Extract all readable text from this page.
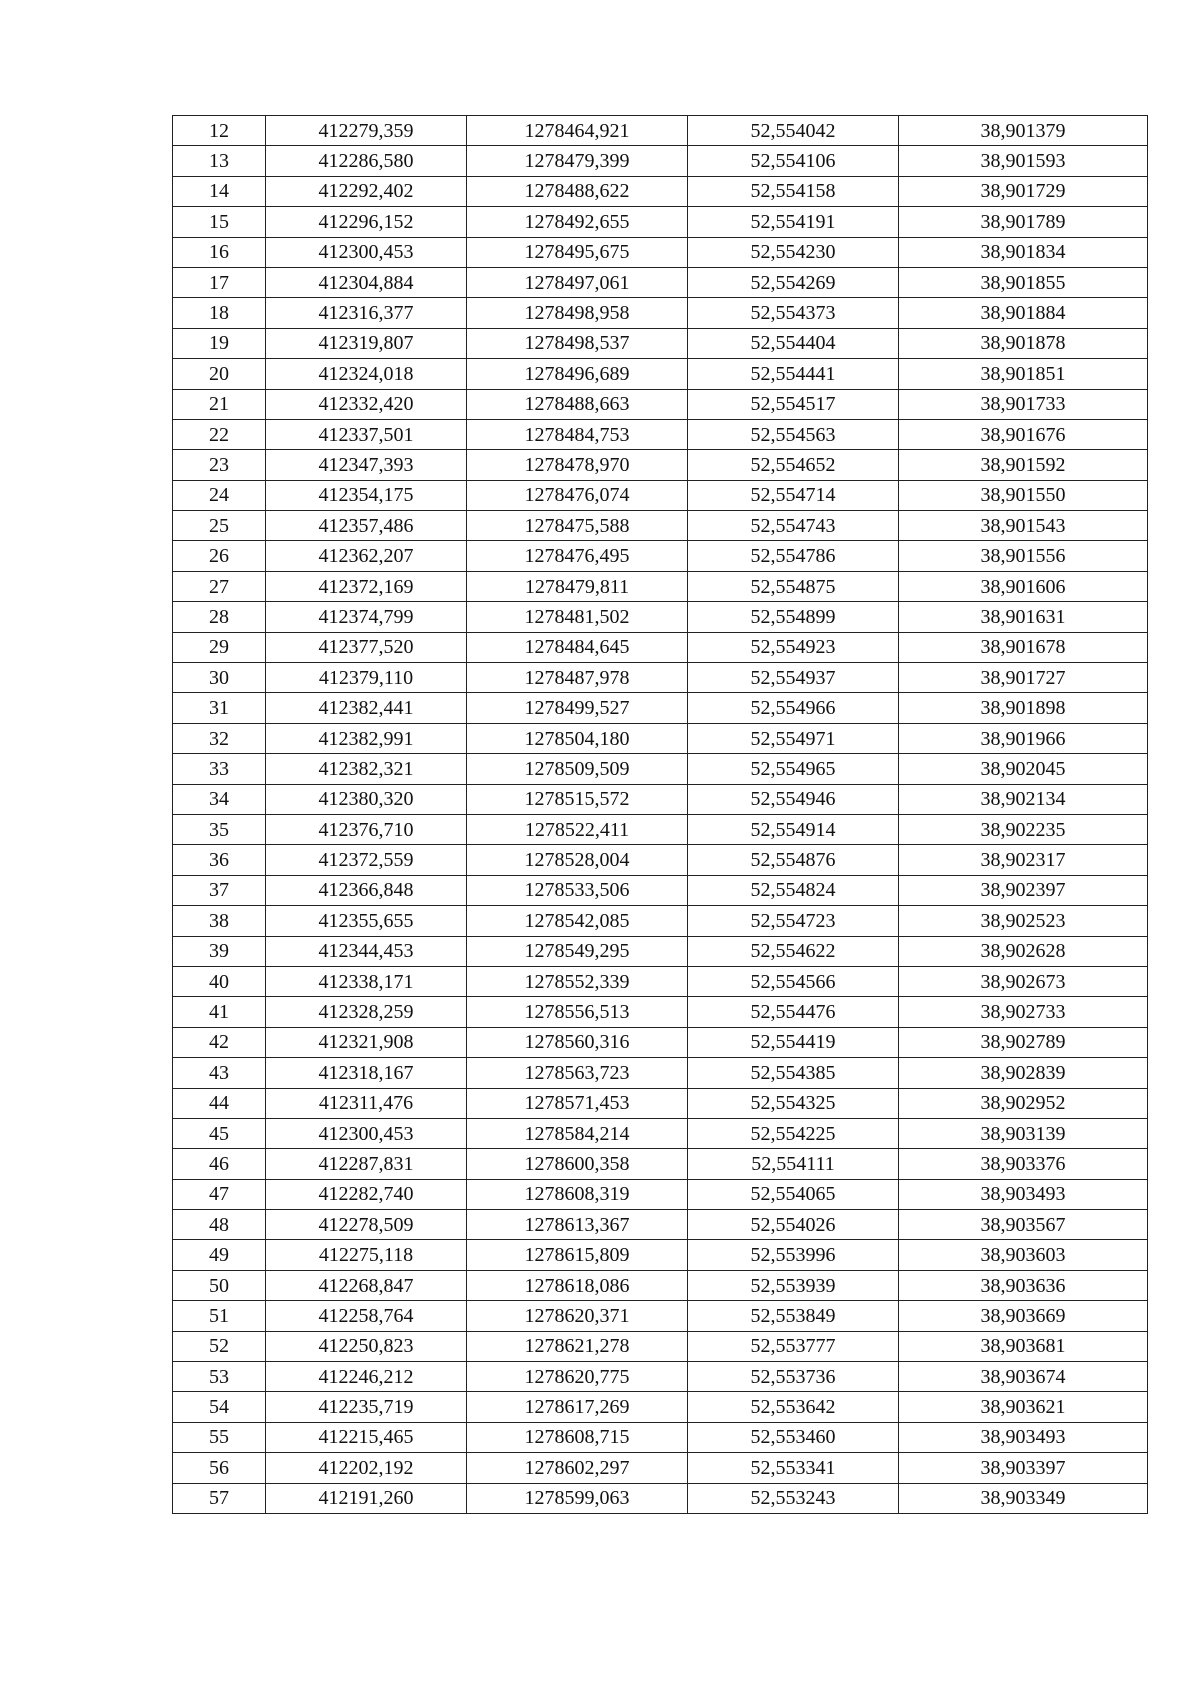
12	412279,359	1278464,921	52,554042	38,901379
13	412286,580	1278479,399	52,554106	38,901593
14	412292,402	1278488,622	52,554158	38,901729
15	412296,152	1278492,655	52,554191	38,901789
16	412300,453	1278495,675	52,554230	38,901834
17	412304,884	1278497,061	52,554269	38,901855
18	412316,377	1278498,958	52,554373	38,901884
19	412319,807	1278498,537	52,554404	38,901878
20	412324,018	1278496,689	52,554441	38,901851
21	412332,420	1278488,663	52,554517	38,901733
22	412337,501	1278484,753	52,554563	38,901676
23	412347,393	1278478,970	52,554652	38,901592
24	412354,175	1278476,074	52,554714	38,901550
25	412357,486	1278475,588	52,554743	38,901543
26	412362,207	1278476,495	52,554786	38,901556
27	412372,169	1278479,811	52,554875	38,901606
28	412374,799	1278481,502	52,554899	38,901631
29	412377,520	1278484,645	52,554923	38,901678
30	412379,110	1278487,978	52,554937	38,901727
31	412382,441	1278499,527	52,554966	38,901898
32	412382,991	1278504,180	52,554971	38,901966
33	412382,321	1278509,509	52,554965	38,902045
34	412380,320	1278515,572	52,554946	38,902134
35	412376,710	1278522,411	52,554914	38,902235
36	412372,559	1278528,004	52,554876	38,902317
37	412366,848	1278533,506	52,554824	38,902397
38	412355,655	1278542,085	52,554723	38,902523
39	412344,453	1278549,295	52,554622	38,902628
40	412338,171	1278552,339	52,554566	38,902673
41	412328,259	1278556,513	52,554476	38,902733
42	412321,908	1278560,316	52,554419	38,902789
43	412318,167	1278563,723	52,554385	38,902839
44	412311,476	1278571,453	52,554325	38,902952
45	412300,453	1278584,214	52,554225	38,903139
46	412287,831	1278600,358	52,554111	38,903376
47	412282,740	1278608,319	52,554065	38,903493
48	412278,509	1278613,367	52,554026	38,903567
49	412275,118	1278615,809	52,553996	38,903603
50	412268,847	1278618,086	52,553939	38,903636
51	412258,764	1278620,371	52,553849	38,903669
52	412250,823	1278621,278	52,553777	38,903681
53	412246,212	1278620,775	52,553736	38,903674
54	412235,719	1278617,269	52,553642	38,903621
55	412215,465	1278608,715	52,553460	38,903493
56	412202,192	1278602,297	52,553341	38,903397
57	412191,260	1278599,063	52,553243	38,903349
